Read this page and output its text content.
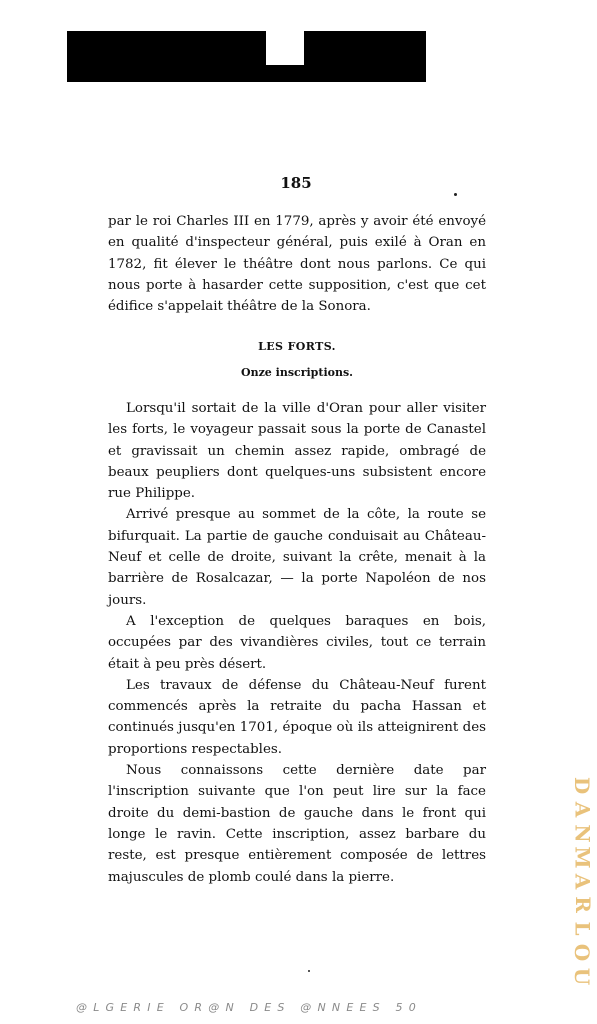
185

par le roi Charles III en 1779, après y avoir été envoyé en qualité d'inspecteur général, puis exilé à Oran en 1782, fit élever le théâtre dont nous parlons. Ce qui nous porte à hasarder cette supposition, c'est que cet édifice s'appelait théâtre de la Sonora.

LES FORTS.
Onze inscriptions.
Lorsqu'il sortait de la ville d'Oran pour aller visiter les forts, le voyageur passait sous la porte de Canastel et gravissait un chemin assez rapide, ombragé de beaux peupliers dont quelques-uns subsistent encore rue Philippe.
Arrivé presque au sommet de la côte, la route se bifurquait. La partie de gauche conduisait au Château-Neuf et celle de droite, suivant la crête, menait à la barrière de Rosalcazar, — la porte Napoléon de nos jours.
A l'exception de quelques baraques en bois, occupées par des vivandières civiles, tout ce terrain était à peu près désert.
Les travaux de défense du Château-Neuf furent commencés après la retraite du pacha Hassan et continués jusqu'en 1701, époque où ils atteignirent des proportions respectables.
Nous connaissons cette dernière date par l'inscription suivante que l'on peut lire sur la face droite du demi-bastion de gauche dans le front qui longe le ravin. Cette inscription, assez barbare du reste, est presque entièrement composée de lettres majuscules de plomb coulé dans la pierre.
D
A
N
M
A
R
L
O
U
@LGERIE OR@N DES @NNEES 50
